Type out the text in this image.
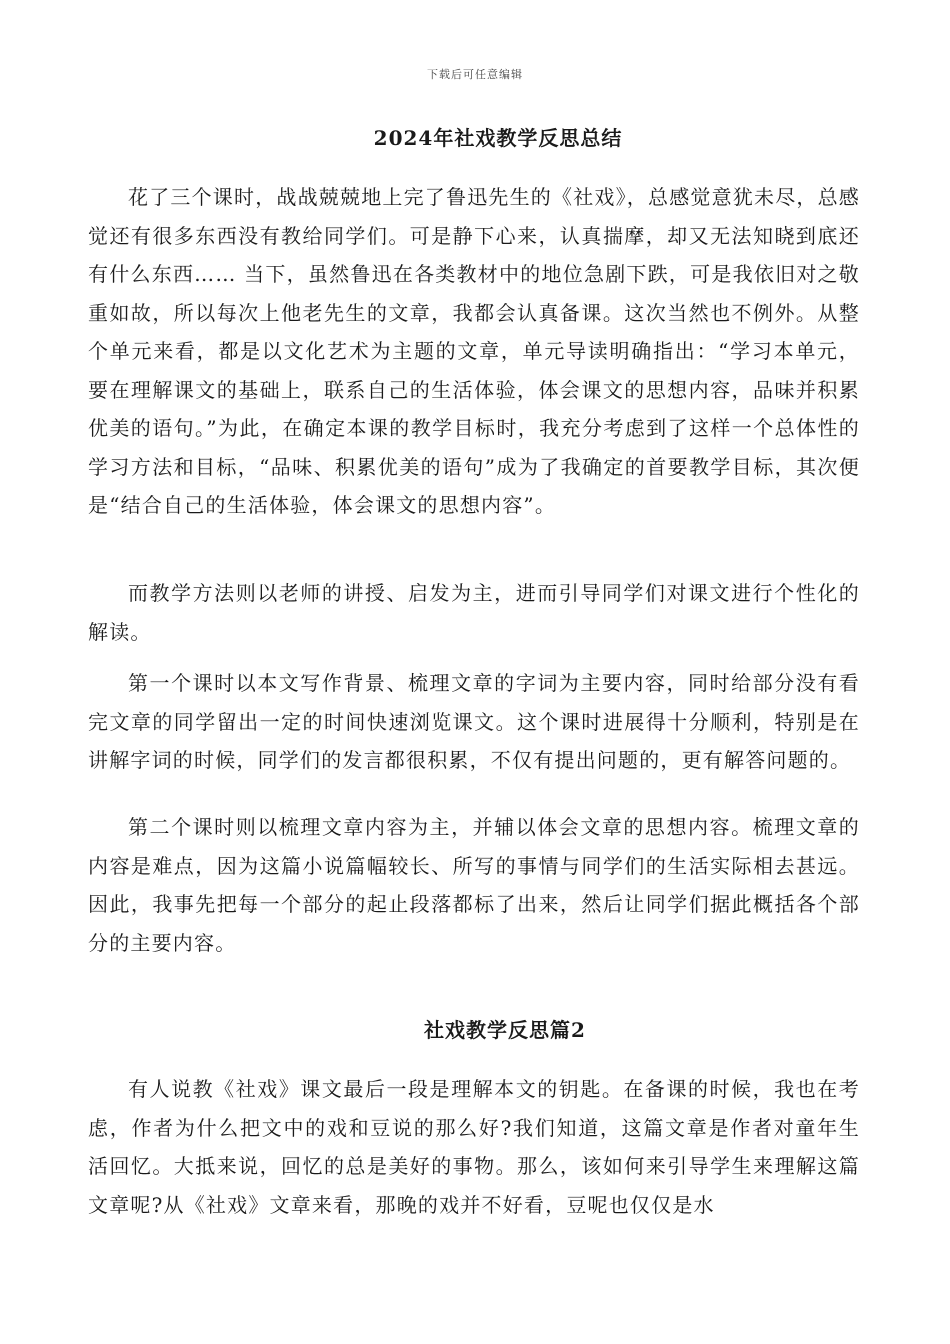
下载后可任意编辑
2024年社戏教学反思总结

花了三个课时，战战兢兢地上完了鲁迅先生的《社戏》，总感觉意犹未尽，总感觉还有很多东西没有教给同学们。可是静下心来，认真揣摩，却又无法知晓到底还有什么东西…… 当下，虽然鲁迅在各类教材中的地位急剧下跌，可是我依旧对之敬重如故，所以每次上他老先生的文章，我都会认真备课。这次当然也不例外。从整个单元来看，都是以文化艺术为主题的文章，单元导读明确指出：“学习本单元，要在理解课文的基础上，联系自己的生活体验，体会课文的思想内容，品味并积累优美的语句。”为此，在确定本课的教学目标时，我充分考虑到了这样一个总体性的学习方法和目标，“品味、积累优美的语句”成为了我确定的首要教学目标，其次便是“结合自己的生活体验，体会课文的思想内容”。

而教学方法则以老师的讲授、启发为主，进而引导同学们对课文进行个性化的解读。

第一个课时以本文写作背景、梳理文章的字词为主要内容，同时给部分没有看完文章的同学留出一定的时间快速浏览课文。这个课时进展得十分顺利，特别是在讲解字词的时候，同学们的发言都很积累，不仅有提出问题的，更有解答问题的。

第二个课时则以梳理文章内容为主，并辅以体会文章的思想内容。梳理文章的内容是难点，因为这篇小说篇幅较长、所写的事情与同学们的生活实际相去甚远。因此，我事先把每一个部分的起止段落都标了出来，然后让同学们据此概括各个部分的主要内容。

社戏教学反思篇2

有人说教《社戏》课文最后一段是理解本文的钥匙。在备课的时候，我也在考虑，作者为什么把文中的戏和豆说的那么好?我们知道，这篇文章是作者对童年生活回忆。大抵来说，回忆的总是美好的事物。那么，该如何来引导学生来理解这篇文章呢?从《社戏》文章来看，那晚的戏并不好看，豆呢也仅仅是水
